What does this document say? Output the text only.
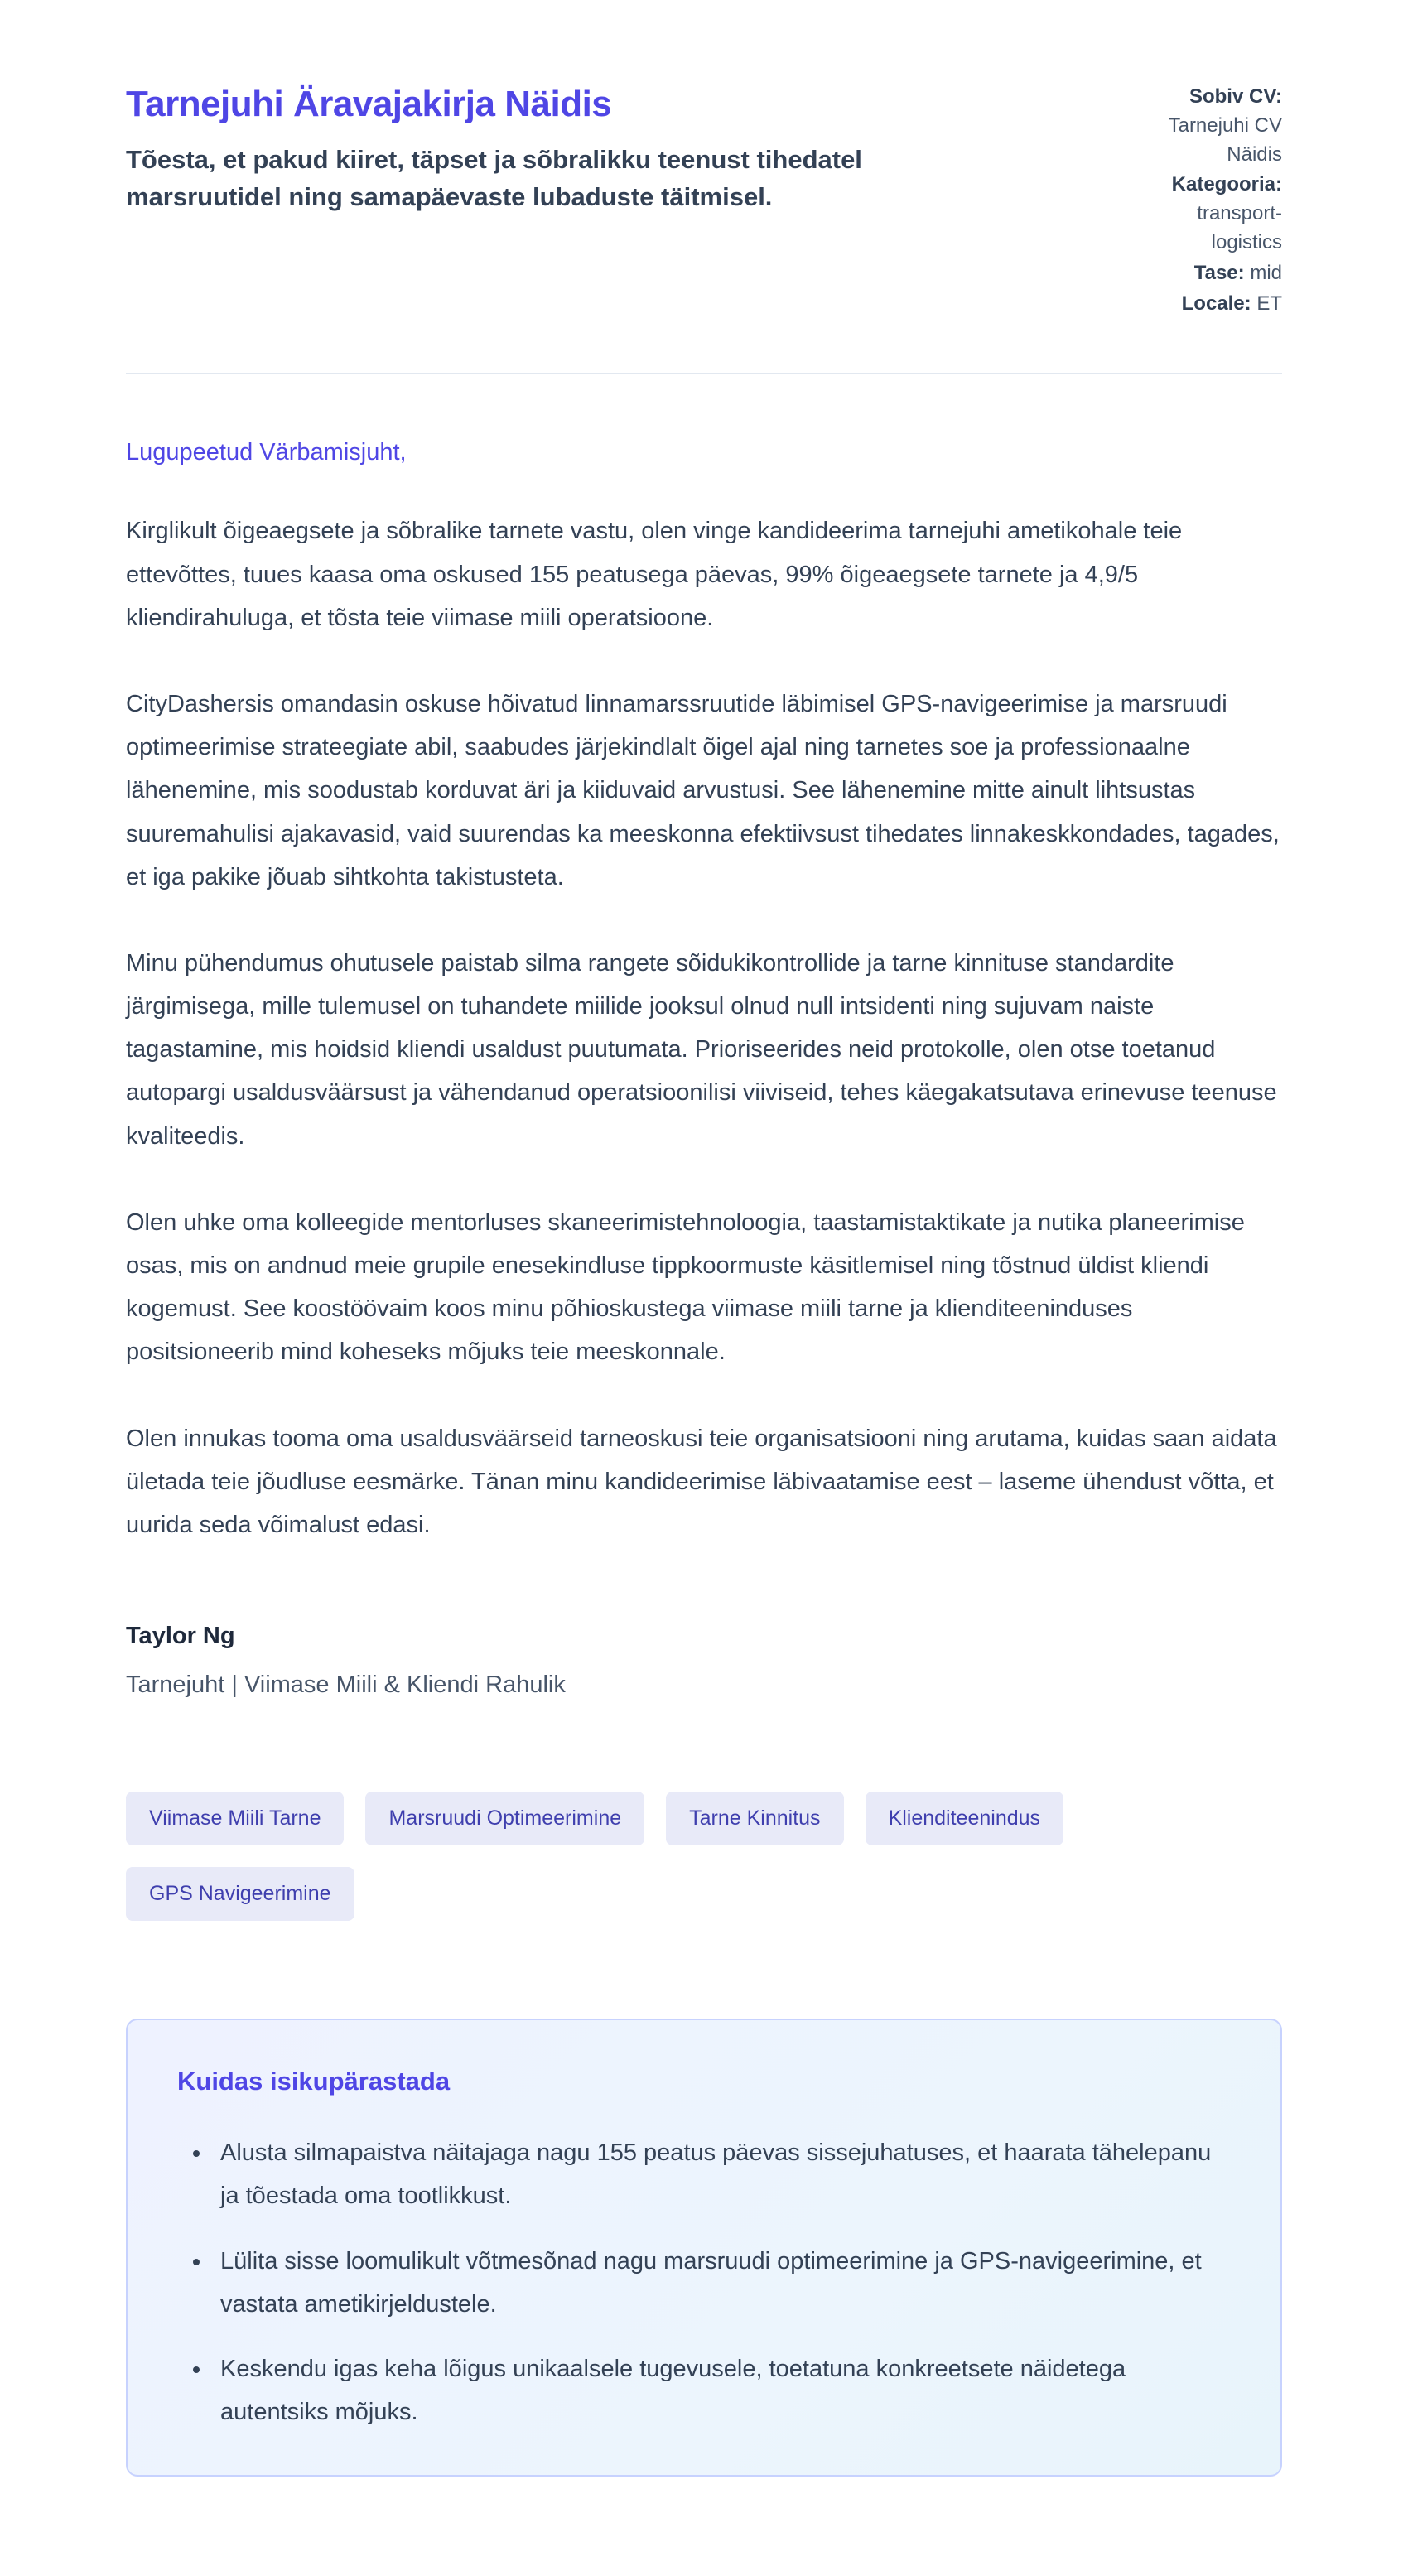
Tarnejuhi Äravajakirja Näidis

Tõesta, et pakud kiiret, täpset ja sõbralikku teenust tihedatel marsruutidel ning samapäevaste lubaduste täitmisel.

Sobiv CV: Tarnejuhi CV Näidis
Kategooria: transport-logistics
Tase: mid
Locale: ET

Lugupeetud Värbamisjuht,

Kirglikult õigeaegsete ja sõbralike tarnete vastu, olen vinge kandideerima tarnejuhi ametikohale teie ettevõttes, tuues kaasa oma oskused 155 peatusega päevas, 99% õigeaegsete tarnete ja 4,9/5 kliendirahuluga, et tõsta teie viimase miili operatsioone.

CityDashersis omandasin oskuse hõivatud linnamarssruutide läbimisel GPS-navigeerimise ja marsruudi optimeerimise strateegiate abil, saabudes järjekindlalt õigel ajal ning tarnetes soe ja professionaalne lähenemine, mis soodustab korduvat äri ja kiiduvaid arvustusi. See lähenemine mitte ainult lihtsustas suuremahulisi ajakavasid, vaid suurendas ka meeskonna efektiivsust tihedates linnakeskkondades, tagades, et iga pakike jõuab sihtkohta takistusteta.

Minu pühendumus ohutusele paistab silma rangete sõidukikontrollide ja tarne kinnituse standardite järgimisega, mille tulemusel on tuhandete miilide jooksul olnud null intsidenti ning sujuvam naiste tagastamine, mis hoidsid kliendi usaldust puutumata. Prioriseerides neid protokolle, olen otse toetanud autopargi usaldusväärsust ja vähendanud operatsioonilisi viiviseid, tehes käegakatsutava erinevuse teenuse kvaliteedis.

Olen uhke oma kolleegide mentorluses skaneerimistehnoloogia, taastamistaktikate ja nutika planeerimise osas, mis on andnud meie grupile enesekindluse tippkoormuste käsitlemisel ning tõstnud üldist kliendi kogemust. See koostöövaim koos minu põhioskustega viimase miili tarne ja klienditeeninduses positsioneerib mind koheseks mõjuks teie meeskonnale.

Olen innukas tooma oma usaldusväärseid tarneoskusi teie organisatsiooni ning arutama, kuidas saan aidata ületada teie jõudluse eesmärke. Tänan minu kandideerimise läbivaatamise eest – laseme ühendust võtta, et uurida seda võimalust edasi.

Taylor Ng

Tarnejuht | Viimase Miili & Kliendi Rahulik

Viimase Miili Tarne	Marsruudi Optimeerimine	Tarne Kinnitus	Klienditeenindus
GPS Navigeerimine
Kuidas isikupärastada
• Alusta silmapaistva näitajaga nagu 155 peatus päevas sissejuhatuses, et haarata tähelepanu ja tõestada oma tootlikkust.
• Lülita sisse loomulikult võtmesõnad nagu marsruudi optimeerimine ja GPS-navigeerimine, et vastata ametikirjeldustele.
• Keskendu igas keha lõigus unikaalsele tugevusele, toetatuna konkreetsete näidetega autentsiks mõjuks.
